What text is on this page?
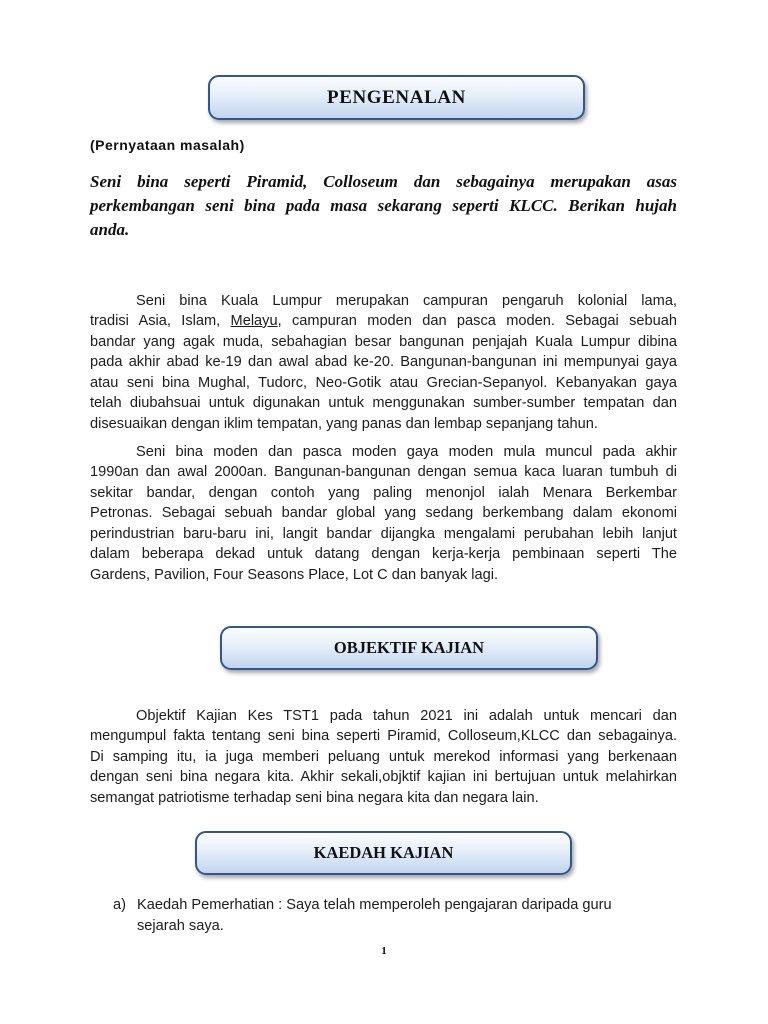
PENGENALAN
(Pernyataan masalah)
Seni bina seperti Piramid, Colloseum dan sebagainya merupakan asas
perkembangan seni bina pada masa sekarang seperti KLCC. Berikan hujah
anda.
Seni bina Kuala Lumpur merupakan campuran pengaruh kolonial lama,
tradisi Asia, Islam, Melayu, campuran moden dan pasca moden. Sebagai sebuah
bandar yang agak muda, sebahagian besar bangunan penjajah Kuala Lumpur dibina
pada akhir abad ke-19 dan awal abad ke-20. Bangunan-bangunan ini mempunyai gaya
atau seni bina Mughal, Tudorc, Neo-Gotik atau Grecian-Sepanyol. Kebanyakan gaya
telah diubahsuai untuk digunakan untuk menggunakan sumber-sumber tempatan dan
disesuaikan dengan iklim tempatan, yang panas dan lembap sepanjang tahun.
Seni bina moden dan pasca moden gaya moden mula muncul pada akhir
1990an dan awal 2000an. Bangunan-bangunan dengan semua kaca luaran tumbuh di
sekitar bandar, dengan contoh yang paling menonjol ialah Menara Berkembar
Petronas. Sebagai sebuah bandar global yang sedang berkembang dalam ekonomi
perindustrian baru-baru ini, langit bandar dijangka mengalami perubahan lebih lanjut
dalam beberapa dekad untuk datang dengan kerja-kerja pembinaan seperti The
Gardens, Pavilion, Four Seasons Place, Lot C dan banyak lagi.
OBJEKTIF KAJIAN
Objektif Kajian Kes TST1 pada tahun 2021 ini adalah untuk mencari dan
mengumpul fakta tentang seni bina seperti Piramid, Colloseum,KLCC dan sebagainya.
Di samping itu, ia juga memberi peluang untuk merekod informasi yang berkenaan
dengan seni bina negara kita. Akhir sekali,objktif kajian ini bertujuan untuk melahirkan
semangat patriotisme terhadap seni bina negara kita dan negara lain.
KAEDAH KAJIAN
a) Kaedah Pemerhatian : Saya telah memperoleh pengajaran daripada guru
sejarah saya.
1
